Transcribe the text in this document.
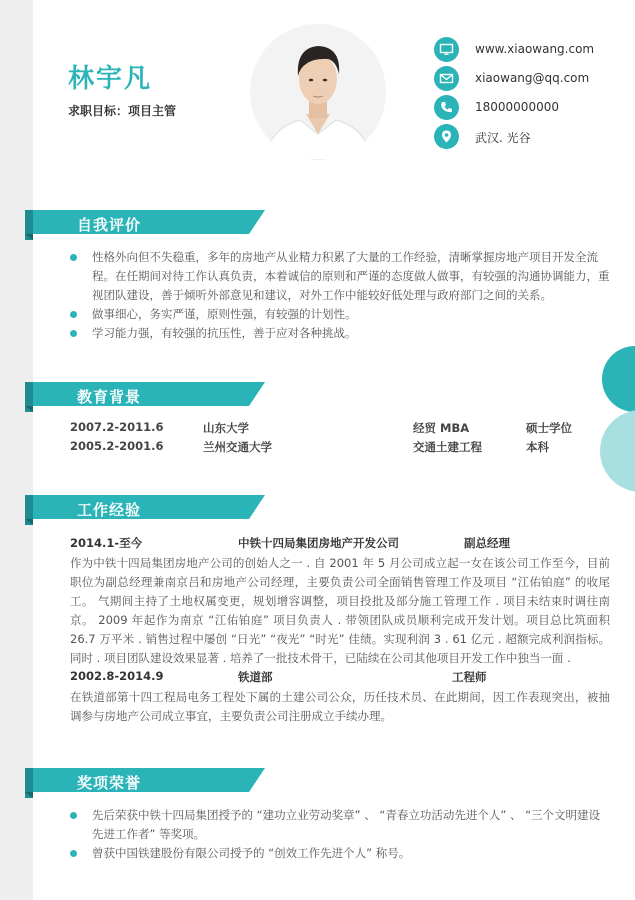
林宇凡
求职目标：项目主管
www.xiaowang.com
xiaowang@qq.com
18000000000
武汉. 光谷
自我评价
性格外向但不失稳重，多年的房地产从业精力积累了大量的工作经验，清晰掌握房地产项目开发全流程。在任期间对待工作认真负责，本着诚信的原则和严谨的态度做人做事，有较强的沟通协调能力，重视团队建设，善于倾听外部意见和建议，对外工作中能较好低处理与政府部门之间的关系。
做事细心，务实严谨，原则性强，有较强的计划性。
学习能力强，有较强的抗压性，善于应对各种挑战。
教育背景
2007.2-2011.6	山东大学	经贸 MBA	硕士学位
2005.2-2001.6	兰州交通大学	交通土建工程	本科
工作经验
2014.1-至今	中铁十四局集团房地产开发公司	副总经理
作为中铁十四局集团房地产公司的创始人之一 . 自 2001 年 5 月公司成立起一女在该公司工作至今，目前职位为副总经理兼南京吕和房地产公司经理，主要负责公司全面销售管理工作及项目 “江佑铂庭” 的收尾工。 气期间主持了土地权属变更，规划增容调整，项目投批及部分施工管理工作 . 项目未结束时调往南京。 2009 年起作为南京 “江佑铂庭” 项目负责人 . 带领团队成员顺利完成开发计划。项目总比筑面积 26.7 万平米 . 销售过程中屡创 “日光” “夜光” “时光” 佳绩。实现利润 3 . 61 亿元 . 超额完成利润指标。同时 . 项目团队建设效果显著 . 培养了一批技术骨干，已陆续在公司其他项目开发工作中独当一面 .
2002.8-2014.9	铁道部	工程师
在铁道部第十四工程局电务工程处下属的土建公司公众，历任技术员、在此期间，因工作表现突出，被抽调参与房地产公司成立事宜，主要负责公司注册成立手续办理。
奖项荣誉
先后荣获中铁十四局集团授予的 “建功立业劳动奖章” 、 “青春立功活动先进个人” 、 “三个文明建设先进工作者” 等奖项。
曾获中国铁建股份有限公司授予的 “创效工作先进个人” 称号。
